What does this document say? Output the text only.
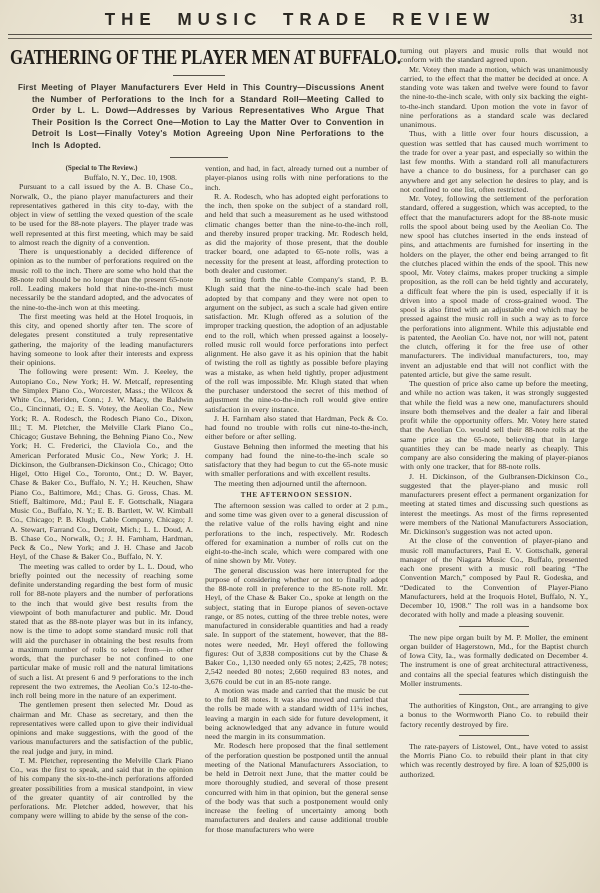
THE MUSIC TRADE REVIEW	31
GATHERING OF THE PLAYER MEN AT BUFFALO.

First Meeting of Player Manufacturers Ever Held in This Country—Discussions Anent the Number of Perforations to the Inch for a Standard Roll—Meeting Called to Order by L. L. Dowd—Addresses by Various Representatives Who Argue That Their Position Is the Correct One—Motion to Lay the Matter Over to Convention in Detroit Is Lost—Finally Votey's Motion Agreeing Upon Nine Perforations to the Inch Is Adopted.

(Special to The Review.)

Buffalo, N. Y., Dec. 10, 1908.

Pursuant to a call issued by the A. B. Chase Co., Norwalk, O., the piano player manufacturers and their representatives gathered in this city to-day, with the object in view of settling the vexed question of the scale to be used for the 88-note players. The player trade was well represented at this first meeting, which may be said to almost reach the dignity of a convention.

There is unquestionably a decided difference of opinion as to the number of perforations required on the music roll to the inch. There are some who hold that the 88-note roll should be no longer than the present 65-note roll. Leading makers hold that nine-to-the-inch must necessarily be the standard adopted, and the advocates of the nine-to-the-inch won at this meeting.

The first meeting was held at the Hotel Iroquois, in this city, and opened shortly after ten. The score of delegates present constituted a truly representative gathering, the majority of the leading manufacturers having someone to look after their interests and express their opinions.

The following were present: Wm. J. Keeley, the Autopiano Co., New York; H. W. Metcalf, representing the Simplex Piano Co., Worcester, Mass.; the Wilcox & White Co., Meriden, Conn.; J. W. Macy, the Baldwin Co., Cincinnati, O.; E. S. Votey, the Aeolian Co., New York; R. A. Rodesch, the Rodesch Piano Co., Dixon, Ill.; T. M. Pletcher, the Melville Clark Piano Co., Chicago; Gustave Behning, the Behning Piano Co., New York; H. C. Frederici, the Claviola Co., and the American Perforated Music Co., New York; J. H. Dickinson, the Gulbransen-Dickinson Co., Chicago; Otto Higel, Otto Higel Co., Toronto, Ont.; D. W. Bayer, Chase & Baker Co., Buffalo, N. Y.; H. Keuchen, Shaw Piano Co., Baltimore, Md.; Chas. G. Gross, Chas. M. Stieff, Baltimore, Md.; Paul E. F. Gottschalk, Niagara Music Co., Buffalo, N. Y.; E. B. Bartlett, W. W. Kimball Co., Chicago; P. B. Klugh, Cable Company, Chicago; J. A. Stewart, Farrand Co., Detroit, Mich.; L. L. Doud, A. B. Chase Co., Norwalk, O.; J. H. Farnham, Hardman, Peck & Co., New York; and J. H. Chase and Jacob Heyl, of the Chase & Baker Co., Buffalo, N. Y.

The meeting was called to order by L. L. Doud, who briefly pointed out the necessity of reaching some definite understanding regarding the best form of music roll for 88-note players and the number of perforations to the inch that would give best results from the viewpoint of both manufacturer and public. Mr. Doud stated that as the 88-note player was but in its infancy, now is the time to adopt some standard music roll that will aid the purchaser in obtaining the best results from a maximum number of rolls to select from—in other words, that the purchaser be not confined to one particular make of music roll and the natural limitations of such a list. At present 6 and 9 perforations to the inch represent the two extremes, the Aeolian Co.'s 12-to-the-inch roll being more in the nature of an experiment.

The gentlemen present then selected Mr. Doud as chairman and Mr. Chase as secretary, and then the representatives were called upon to give their individual opinions and make suggestions, with the good of the various manufacturers and the satisfaction of the public, the real judge and jury, in mind.

T. M. Pletcher, representing the Melville Clark Piano Co., was the first to speak, and said that in the opinion of his company the six-to-the-inch perforations afforded greater possibilities from a musical standpoint, in view of the greater quantity of air controlled by the perforations. Mr. Pletcher added, however, that his company were willing to abide by the sense of the con-

vention, and had, in fact, already turned out a number of player-pianos using rolls with nine perforations to the inch.

R. A. Rodesch, who has adopted eight perforations to the inch, then spoke on the subject of a standard roll, and held that such a measurement as he used withstood climatic changes better than the nine-to-the-inch roll, and thereby insured proper tracking. Mr. Rodesch held, as did the majority of those present, that the double tracker board, one adapted to 65-note rolls, was a necessity for the present at least, affording protection to both dealer and customer.

In setting forth the Cable Company's stand, P. B. Klugh said that the nine-to-the-inch scale had been adopted by that company and they were not open to argument on the subject, as such a scale had given entire satisfaction. Mr. Klugh offered as a solution of the improper tracking question, the adoption of an adjustable end to the roll, which when pressed against a loosely-rolled music roll would force perforations into perfect alignment. He also gave it as his opinion that the habit of twisting the roll as tightly as possible before playing was a mistake, as when held tightly, proper adjustment of the roll was impossible. Mr. Klugh stated that when the purchaser understood the secret of this method of adjustment the nine-to-the-inch roll would give entire satisfaction in every instance.

J. H. Farnham also stated that Hardman, Peck & Co. had found no trouble with rolls cut nine-to-the-inch, either before or after selling.

Gustave Behning then informed the meeting that his company had found the nine-to-the-inch scale so satisfactory that they had begun to cut the 65-note music with smaller perforations and with excellent results.

The meeting then adjourned until the afternoon.

THE AFTERNOON SESSION.

The afternoon session was called to order at 2 p.m., and some time was given over to a general discussion of the relative value of the rolls having eight and nine perforations to the inch, respectively. Mr. Rodesch offered for examination a number of rolls cut on the eight-to-the-inch scale, which were compared with one of nine shown by Mr. Votey.

The general discussion was here interrupted for the purpose of considering whether or not to finally adopt the 88-note roll in preference to the 85-note roll. Mr. Heyl, of the Chase & Baker Co., spoke at length on the subject, stating that in Europe pianos of seven-octave range, or 85 notes, cutting of the three treble notes, were manufactured in considerable quantities and had a ready sale. In support of the statement, however, that the 88-notes were needed, Mr. Heyl offered the following figures: Out of 3,838 compositions cut by the Chase & Baker Co., 1,130 needed only 65 notes; 2,425, 78 notes; 2,542 needed 80 notes; 2,660 required 83 notes, and 3,676 could be cut in an 85-note range.

A motion was made and carried that the music be cut to the full 88 notes. It was also moved and carried that the rolls be made with a standard width of 11¼ inches, leaving a margin in each side for future development, it being acknowledged that any advance in future would need the margin in its consummation.

Mr. Rodesch here proposed that the final settlement of the perforation question be postponed until the annual meeting of the National Manufacturers Association, to be held in Detroit next June, that the matter could be more thoroughly studied, and several of those present concurred with him in that opinion, but the general sense of the body was that such a postponement would only increase the feeling of uncertainty among both manufacturers and dealers and cause additional trouble for those manufacturers who were

turning out players and music rolls that would not conform with the standard agreed upon.

Mr. Votey then made a motion, which was unanimously carried, to the effect that the matter be decided at once. A standing vote was taken and twelve were found to favor the nine-to-the-inch scale, with only six backing the eight-to-the-inch standard. Upon motion the vote in favor of nine perforations as a standard scale was declared unanimous.

Thus, with a little over four hours discussion, a question was settled that has caused much worriment to the trade for over a year past, and especially so within the last few months. With a standard roll all manufacturers have a chance to do business, for a purchaser can go anywhere and get any selection he desires to play, and is not confined to one list, often restricted.

Mr. Votey, following the settlement of the perforation standard, offered a suggestion, which was accepted, to the effect that the manufacturers adopt for the 88-note music rolls the spool about being used by the Aeolian Co. The new spool has clutches inserted in the ends instead of pins, and attachments are furnished for inserting in the holders on the player, the other end being arranged to fit the clutches placed within the ends of the spool. This new spool, Mr. Votey claims, makes proper trucking a simple proposition, as the roll can be held tightly and accurately, a difficult feat where the pin is used, especially if it is driven into a spool made of cross-grained wood. The spool is also fitted with an adjustable end which may be pressed against the music roll in such a way as to force the perforations into alignment. While this adjustable end is patented, the Aeolian Co. have not, nor will not, patent the clutch, offering it for the free use of other manufacturers. The individual manufacturers, too, may invent an adjustable end that will not conflict with the patented article, but give the same result.

The question of price also came up before the meeting, and while no action was taken, it was strongly suggested that while the field was a new one, manufacturers should insure both themselves and the dealer a fair and liberal profit while the opportunity offers. Mr. Votey here stated that the Aeolian Co. would sell their 88-note rolls at the same price as the 65-note, believing that in large quantities they can be made nearly as cheaply. This company are also considering the making of player-pianos with only one tracker, that for 88-note rolls.

J. H. Dickinson, of the Gulbransen-Dickinson Co., suggested that the player-piano and music roll manufacturers present effect a permanent organization for meeting at stated times and discussing such questions as interest the meetings. As most of the firms represented were members of the National Manufacturers Association, Mr. Dickinson's suggestion was not acted upon.

At the close of the convention of player-piano and music roll manufacturers, Paul E. V. Gottschalk, general manager of the Niagara Music Co., Buffalo, presented each one present with a music roll bearing “The Convention March,” composed by Paul R. Godeska, and “Dedicated to the Convention of Player-Piano Manufacturers, held at the Iroquois Hotel, Buffalo, N. Y., December 10, 1908.” The roll was in a handsome box decorated with holly and made a pleasing souvenir.

The new pipe organ built by M. P. Moller, the eminent organ builder of Hagerstown, Md., for the Baptist church of Iowa City, Ia., was formally dedicated on December 4. The instrument is one of great architectural attractiveness, and contains all the special features which distinguish the Moller instruments.

The authorities of Kingston, Ont., are arranging to give a bonus to the Wormworth Piano Co. to rebuild their factory recently destroyed by fire.

The rate-payers of Listowel, Ont., have voted to assist the Morris Piano Co. to rebuild their plant in that city which was recently destroyed by fire. A loan of $25,000 is authorized.
